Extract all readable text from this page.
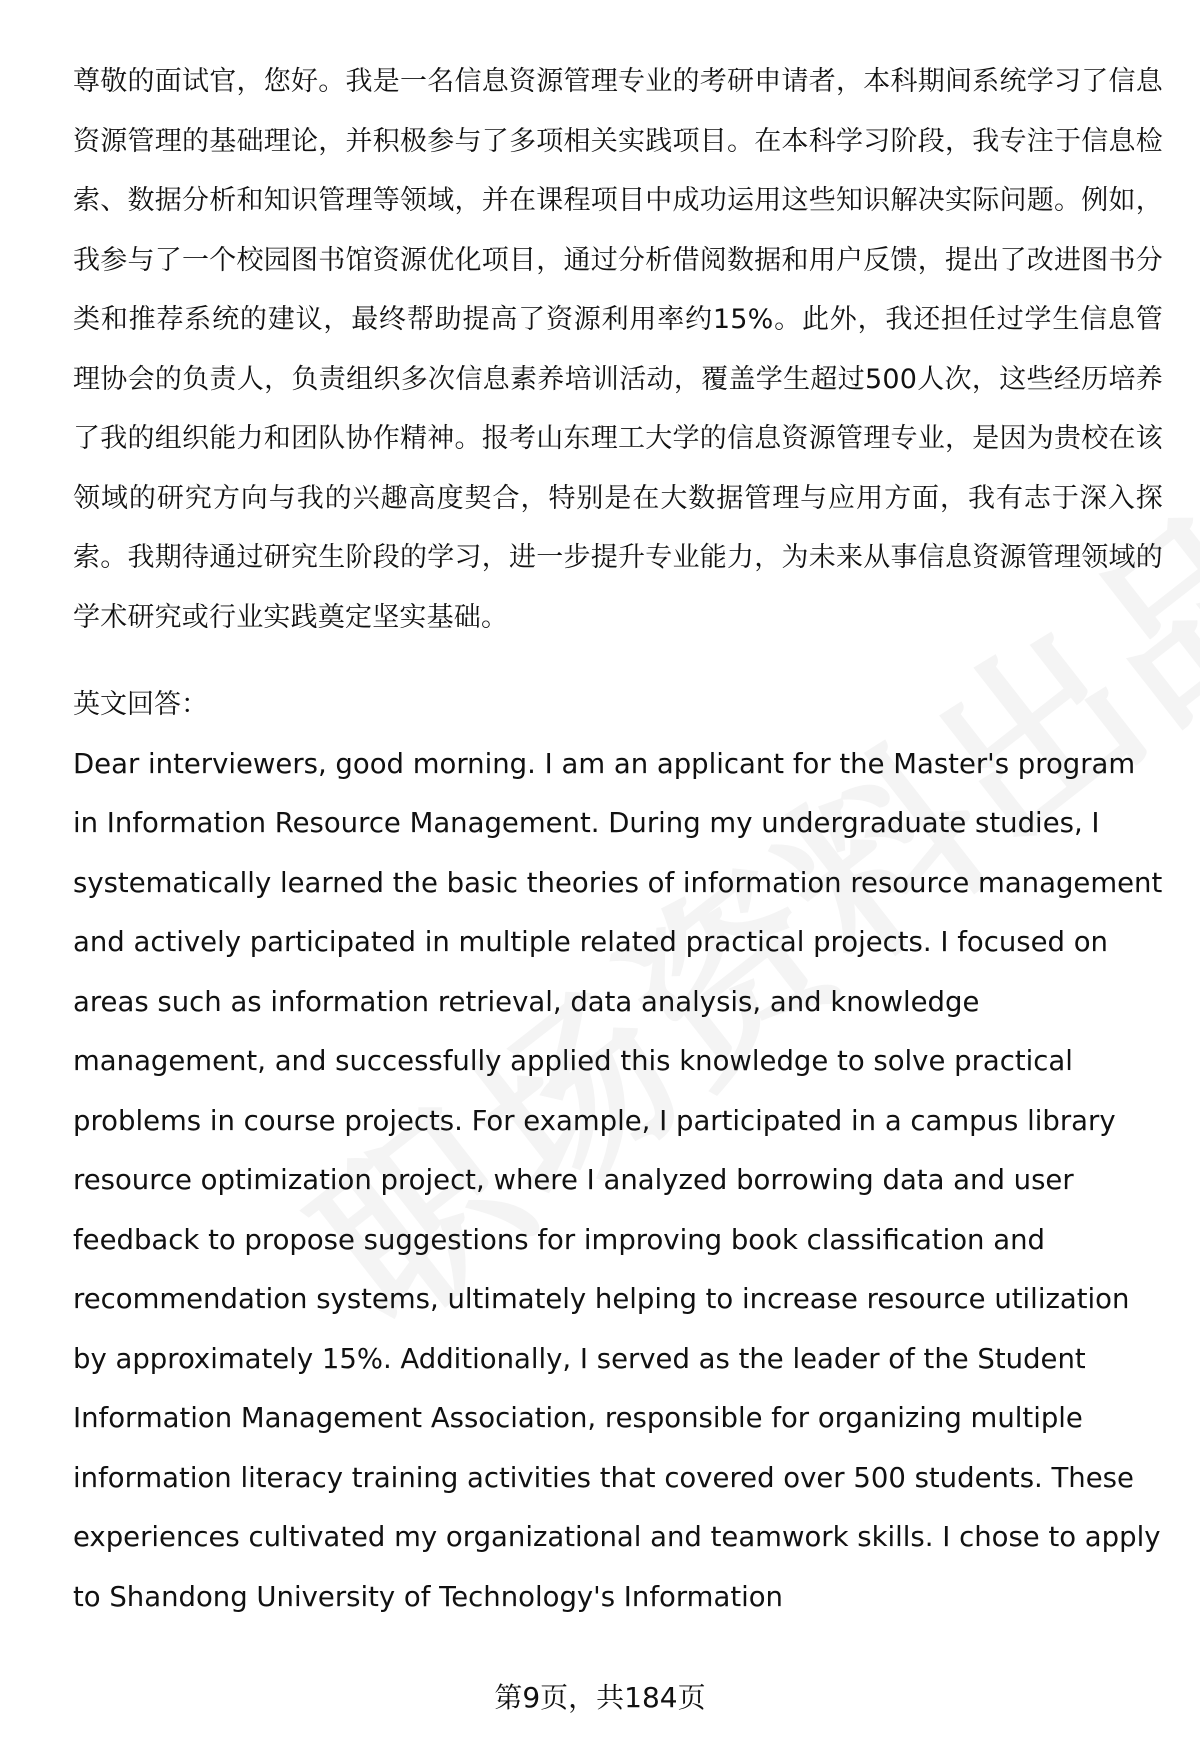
尊敬的面试官，您好。我是一名信息资源管理专业的考研申请者，本科期间系统学习了信息资源管理的基础理论，并积极参与了多项相关实践项目。在本科学习阶段，我专注于信息检索、数据分析和知识管理等领域，并在课程项目中成功运用这些知识解决实际问题。例如，我参与了一个校园图书馆资源优化项目，通过分析借阅数据和用户反馈，提出了改进图书分类和推荐系统的建议，最终帮助提高了资源利用率约15%。此外，我还担任过学生信息管理协会的负责人，负责组织多次信息素养培训活动，覆盖学生超过500人次，这些经历培养了我的组织能力和团队协作精神。报考山东理工大学的信息资源管理专业，是因为贵校在该领域的研究方向与我的兴趣高度契合，特别是在大数据管理与应用方面，我有志于深入探索。我期待通过研究生阶段的学习，进一步提升专业能力，为未来从事信息资源管理领域的学术研究或行业实践奠定坚实基础。

英文回答：

Dear interviewers, good morning. I am an applicant for the Master's program in Information Resource Management. During my undergraduate studies, I systematically learned the basic theories of information resource management and actively participated in multiple related practical projects. I focused on areas such as information retrieval, data analysis, and knowledge management, and successfully applied this knowledge to solve practical problems in course projects. For example, I participated in a campus library resource optimization project, where I analyzed borrowing data and user feedback to propose suggestions for improving book classification and recommendation systems, ultimately helping to increase resource utilization by approximately 15%. Additionally, I served as the leader of the Student Information Management Association, responsible for organizing multiple information literacy training activities that covered over 500 students. These experiences cultivated my organizational and teamwork skills. I chose to apply to Shandong University of Technology's Information

第9页，共184页
